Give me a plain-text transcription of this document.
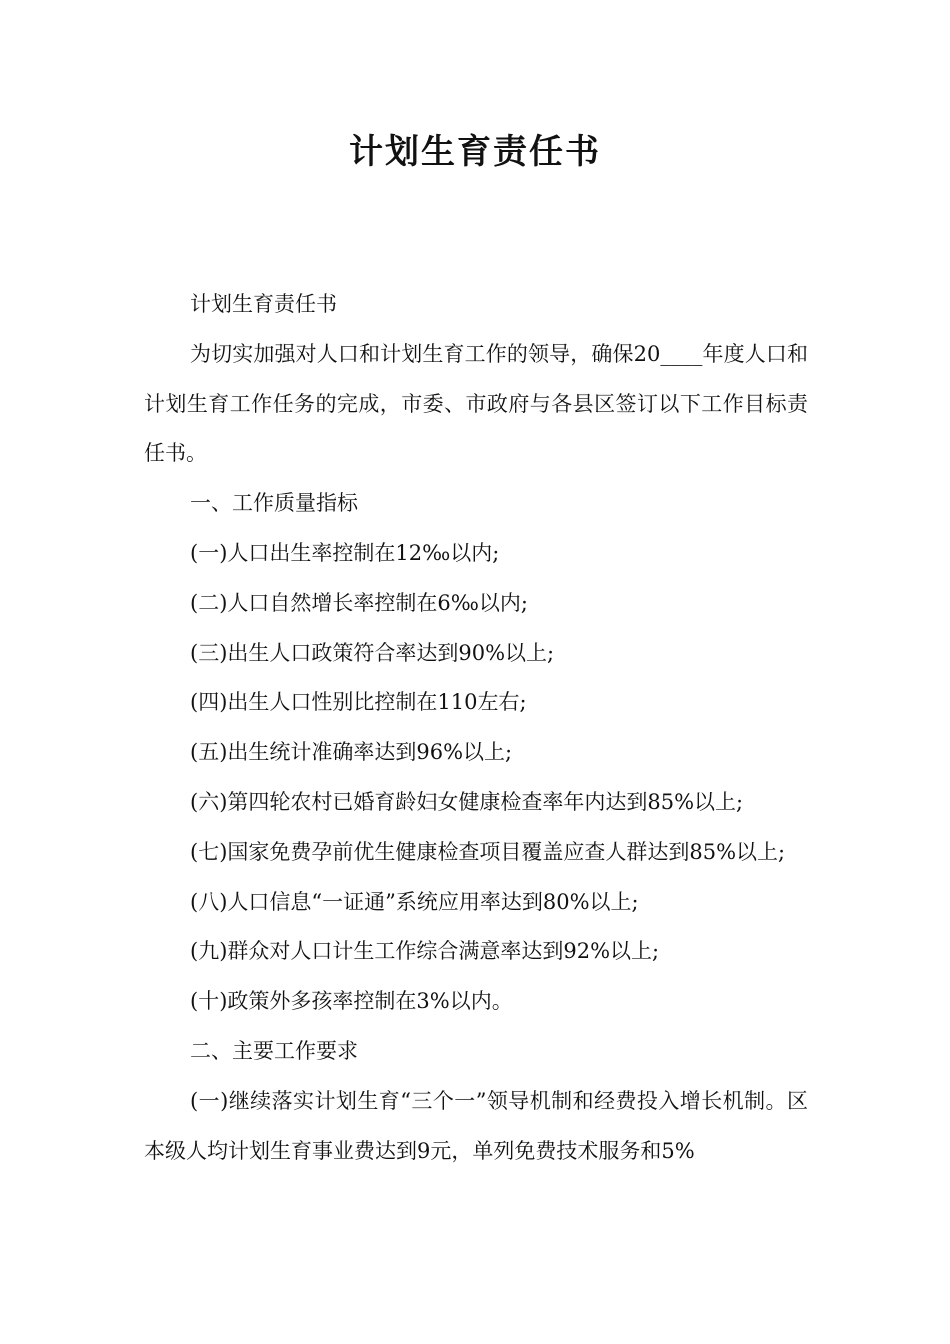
计划生育责任书

计划生育责任书

为切实加强对人口和计划生育工作的领导，确保20____年度人口和计划生育工作任务的完成，市委、市政府与各县区签订以下工作目标责任书。

一、工作质量指标

(一)人口出生率控制在12‰以内;

(二)人口自然增长率控制在6‰以内;

(三)出生人口政策符合率达到90%以上;

(四)出生人口性别比控制在110左右;

(五)出生统计准确率达到96%以上;

(六)第四轮农村已婚育龄妇女健康检查率年内达到85%以上;

(七)国家免费孕前优生健康检查项目覆盖应查人群达到85%以上;

(八)人口信息“一证通”系统应用率达到80%以上;

(九)群众对人口计生工作综合满意率达到92%以上;

(十)政策外多孩率控制在3%以内。

二、主要工作要求

(一)继续落实计划生育“三个一”领导机制和经费投入增长机制。区本级人均计划生育事业费达到9元，单列免费技术服务和5%
